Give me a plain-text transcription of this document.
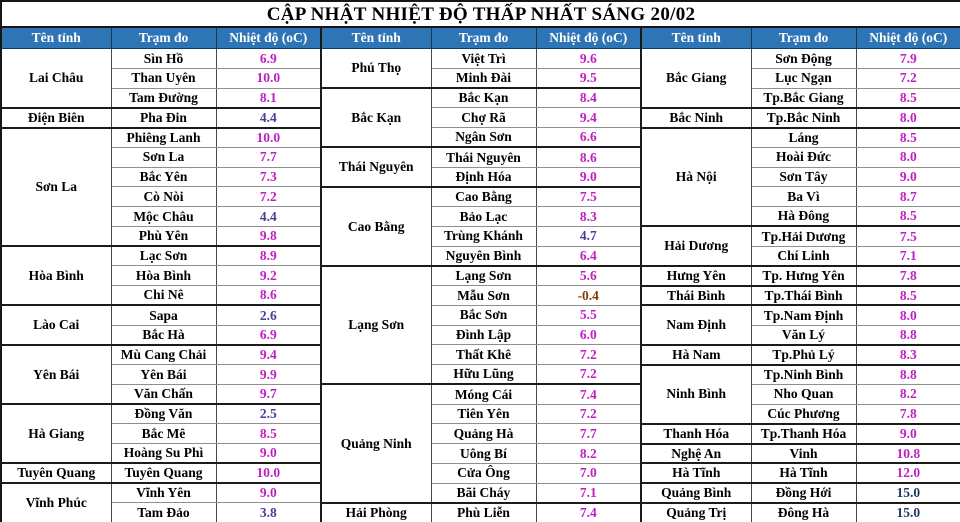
CẬP NHẬT NHIỆT ĐỘ THẤP NHẤT SÁNG 20/02								
Tên tỉnh	Trạm đo	Nhiệt độ (oC)	Tên tỉnh	Trạm đo	Nhiệt độ (oC)	Tên tỉnh	Trạm đo	Nhiệt độ (oC)
Lai Châu	Sìn Hồ	6.9	Phú Thọ	Việt Trì	9.6	Bắc Giang	Sơn Động	7.9
	Than Uyên	10.0		Minh Đài	9.5		Lục Ngạn	7.2
	Tam Đường	8.1	Bắc Kạn	Bắc Kạn	8.4		Tp.Bắc Giang	8.5
Điện Biên	Pha Đin	4.4		Chợ Rã	9.4	Bắc Ninh	Tp.Bắc Ninh	8.0
Sơn La	Phiêng Lanh	10.0		Ngân Sơn	6.6	Hà Nội	Láng	8.5
	Sơn La	7.7	Thái Nguyên	Thái Nguyên	8.6		Hoài Đức	8.0
	Bắc Yên	7.3		Định Hóa	9.0		Sơn Tây	9.0
	Cò Nòi	7.2	Cao Bằng	Cao Bằng	7.5		Ba Vì	8.7
	Mộc Châu	4.4		Bảo Lạc	8.3		Hà Đông	8.5
	Phù Yên	9.8		Trùng Khánh	4.7	Hải Dương	Tp.Hải Dương	7.5
Hòa Bình	Lạc Sơn	8.9		Nguyên Bình	6.4		Chí Linh	7.1
	Hòa Bình	9.2	Lạng Sơn	Lạng Sơn	5.6	Hưng Yên	Tp. Hưng Yên	7.8
	Chi Nê	8.6		Mẫu Sơn	-0.4	Thái Bình	Tp.Thái Bình	8.5
Lào Cai	Sapa	2.6		Bắc Sơn	5.5	Nam Định	Tp.Nam Định	8.0
	Bắc Hà	6.9		Đình Lập	6.0		Văn Lý	8.8
Yên Bái	Mù Cang Chải	9.4		Thất Khê	7.2	Hà Nam	Tp.Phủ Lý	8.3
	Yên Bái	9.9		Hữu Lũng	7.2	Ninh Bình	Tp.Ninh Bình	8.8
	Văn Chấn	9.7	Quảng Ninh	Móng Cái	7.4		Nho Quan	8.2
Hà Giang	Đồng Văn	2.5		Tiên Yên	7.2		Cúc Phương	7.8
	Bắc Mê	8.5		Quảng Hà	7.7	Thanh Hóa	Tp.Thanh Hóa	9.0
	Hoàng Su Phì	9.0		Uông Bí	8.2	Nghệ An	Vinh	10.8
Tuyên Quang	Tuyên Quang	10.0		Cửa Ông	7.0	Hà Tĩnh	Hà Tĩnh	12.0
Vĩnh Phúc	Vĩnh Yên	9.0		Bãi Cháy	7.1	Quảng Bình	Đồng Hới	15.0
	Tam Đảo	3.8	Hải Phòng	Phù Liễn	7.4	Quảng Trị	Đông Hà	15.0
